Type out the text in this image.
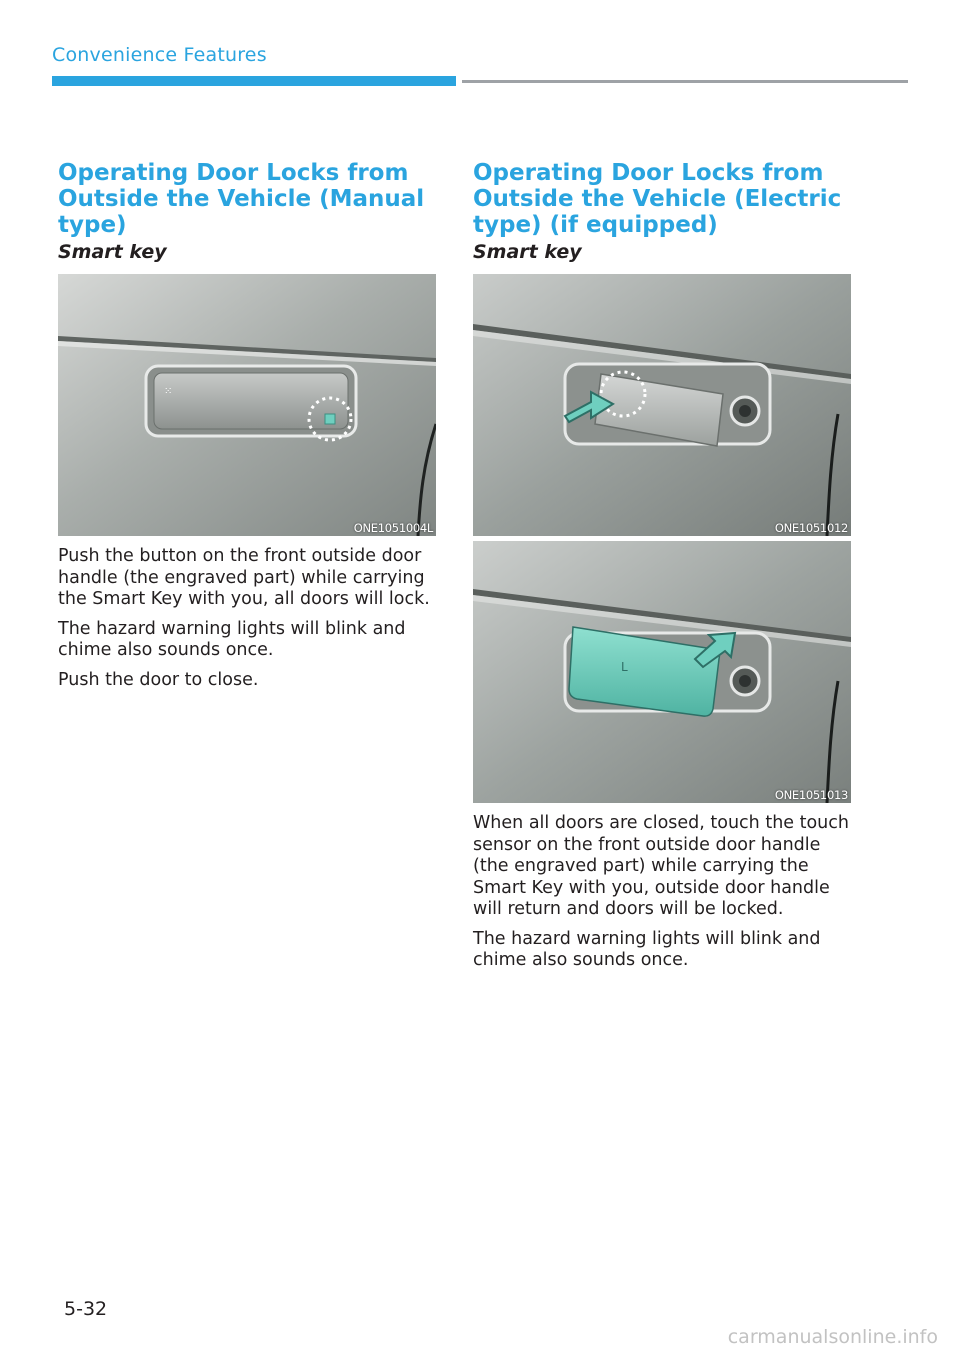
Convenience Features
Operating Door Locks from Outside the Vehicle (Manual type)
Smart key
⁙
ONE1051004L

Push the button on the front outside door handle (the engraved part) while carrying the Smart Key with you, all doors will lock.

The hazard warning lights will blink and chime also sounds once.

Push the door to close.

Operating Door Locks from Outside the Vehicle (Electric type) (if equipped)
Smart key
ONE1051012
L
ONE1051013

When all doors are closed, touch the touch sensor on the front outside door handle (the engraved part) while carrying the Smart Key with you, outside door handle will return and doors will be locked.

The hazard warning lights will blink and chime also sounds once.

5-32
carmanualsonline.info
